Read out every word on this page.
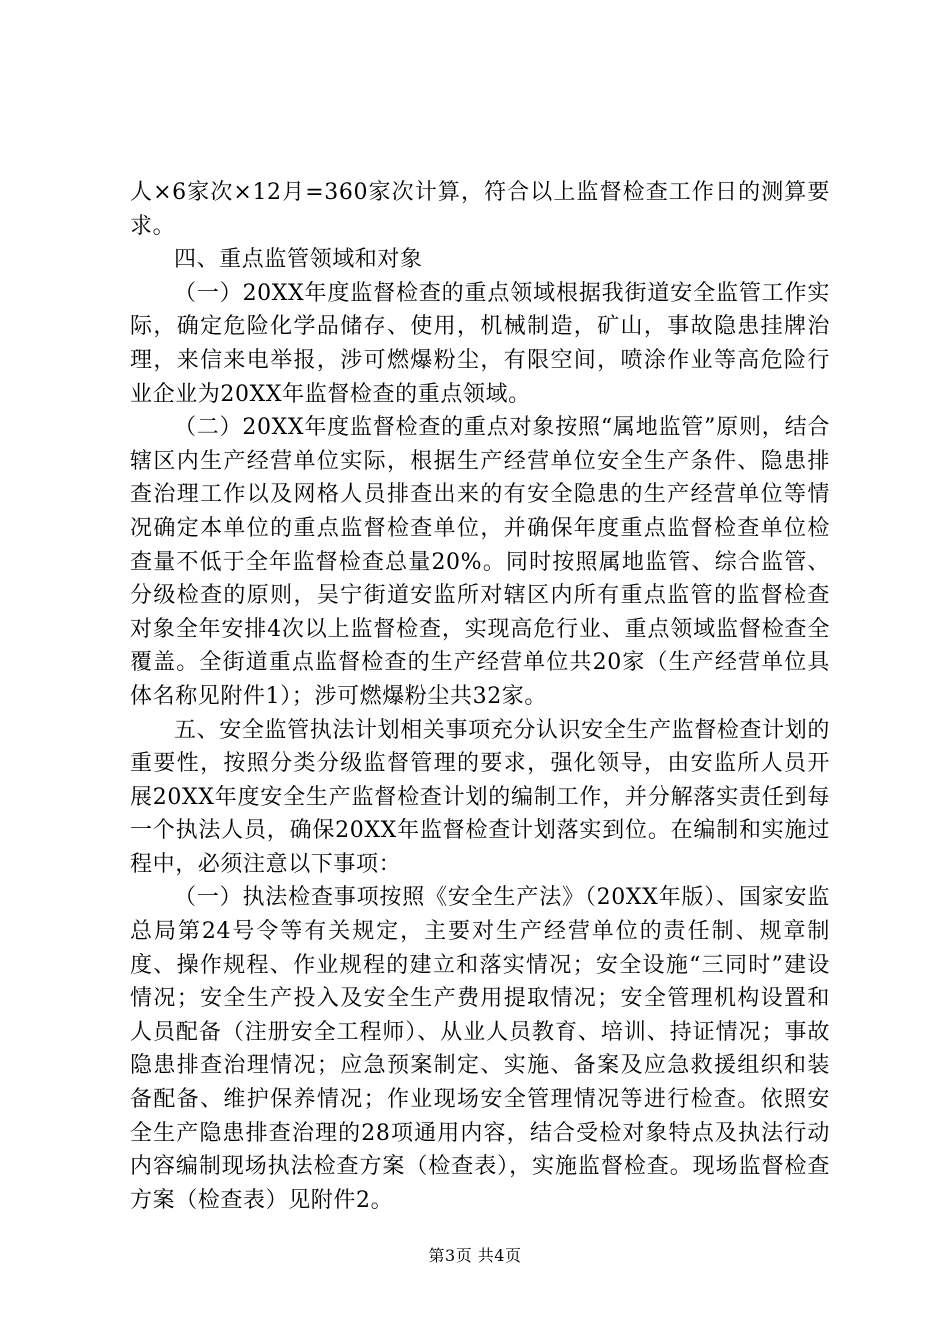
人×6家次×12月=360家次计算，符合以上监督检查工作日的测算要求。

四、重点监管领域和对象

（一）20XX年度监督检查的重点领域根据我街道安全监管工作实际，确定危险化学品储存、使用，机械制造，矿山，事故隐患挂牌治理，来信来电举报，涉可燃爆粉尘，有限空间，喷涂作业等高危险行业企业为20XX年监督检查的重点领域。

（二）20XX年度监督检查的重点对象按照“属地监管”原则，结合辖区内生产经营单位实际，根据生产经营单位安全生产条件、隐患排查治理工作以及网格人员排查出来的有安全隐患的生产经营单位等情况确定本单位的重点监督检查单位，并确保年度重点监督检查单位检查量不低于全年监督检查总量20%。同时按照属地监管、综合监管、分级检查的原则，吴宁街道安监所对辖区内所有重点监管的监督检查对象全年安排4次以上监督检查，实现高危行业、重点领域监督检查全覆盖。全街道重点监督检查的生产经营单位共20家（生产经营单位具体名称见附件1）；涉可燃爆粉尘共32家。

五、安全监管执法计划相关事项充分认识安全生产监督检查计划的重要性，按照分类分级监督管理的要求，强化领导，由安监所人员开展20XX年度安全生产监督检查计划的编制工作，并分解落实责任到每一个执法人员，确保20XX年监督检查计划落实到位。在编制和实施过程中，必须注意以下事项：

（一）执法检查事项按照《安全生产法》（20XX年版）、国家安监总局第24号令等有关规定，主要对生产经营单位的责任制、规章制度、操作规程、作业规程的建立和落实情况；安全设施“三同时”建设情况；安全生产投入及安全生产费用提取情况；安全管理机构设置和人员配备（注册安全工程师）、从业人员教育、培训、持证情况；事故隐患排查治理情况；应急预案制定、实施、备案及应急救援组织和装备配备、维护保养情况；作业现场安全管理情况等进行检查。依照安全生产隐患排查治理的28项通用内容，结合受检对象特点及执法行动内容编制现场执法检查方案（检查表），实施监督检查。现场监督检查方案（检查表）见附件2。

第3页 共4页
